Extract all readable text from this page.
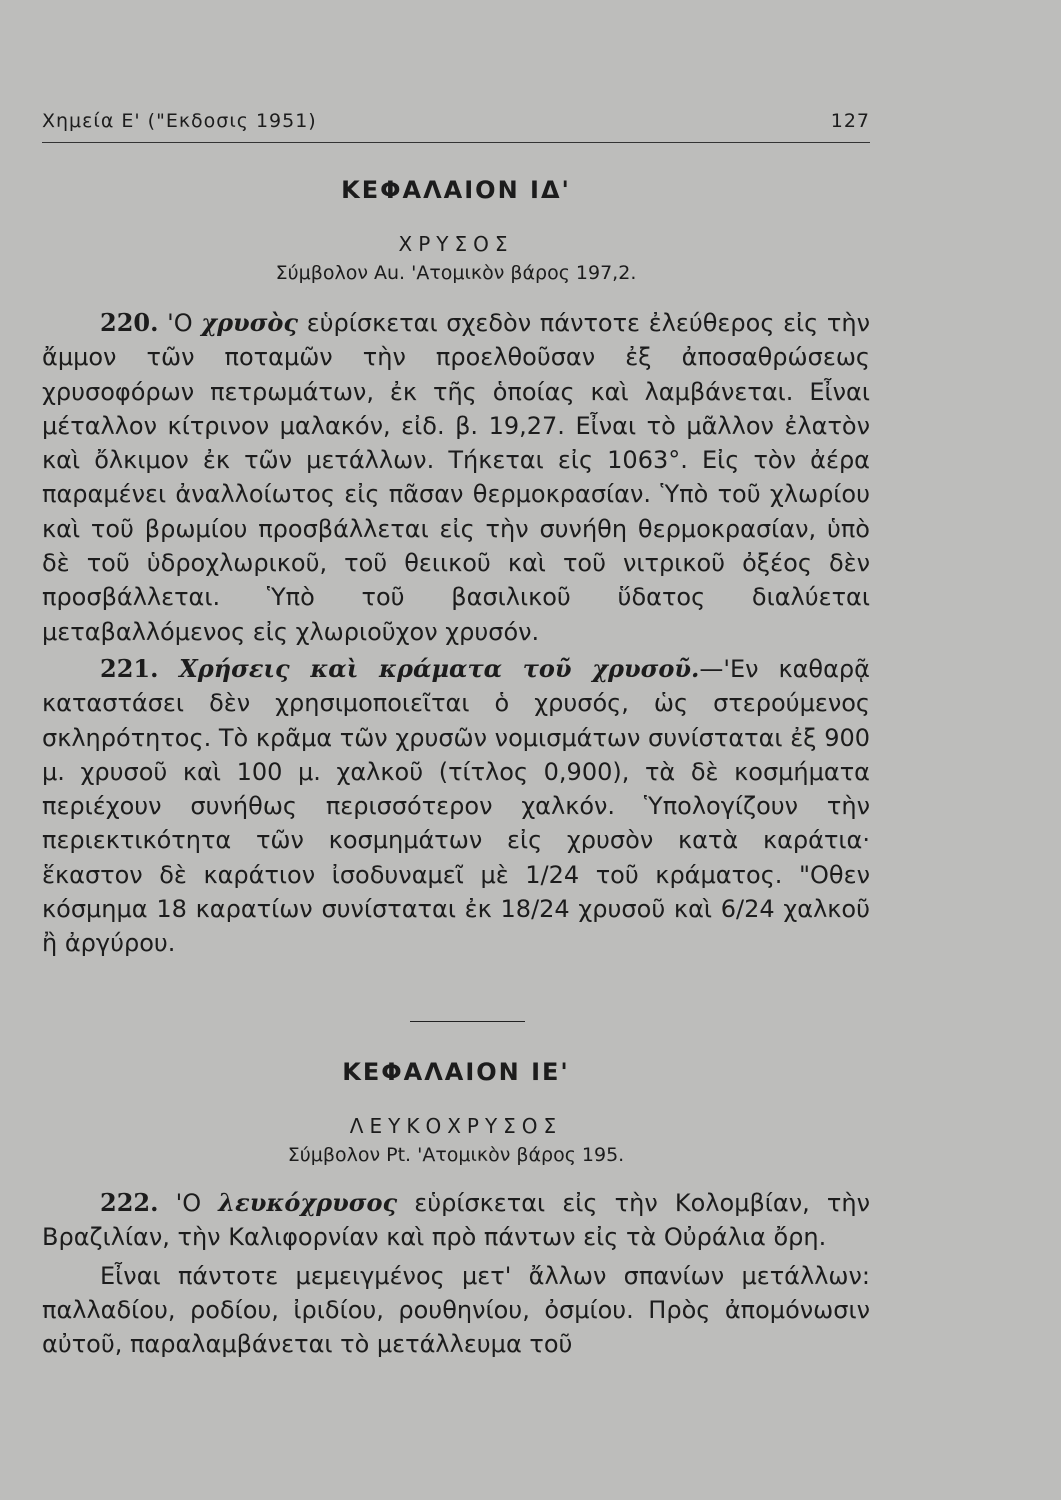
Χημεία Ε' ("Εκδοσις 1951)	127
ΚΕΦΑΛΑΙΟΝ ΙΔ'
ΧΡΥΣΟΣ
Σύμβολον Au. 'Ατομικὸν βάρος 197,2.

220. 'Ο χρυσὸς εὑρίσκεται σχεδὸν πάντοτε ἐλεύθερος εἰς τὴν ἄμμον τῶν ποταμῶν τὴν προελθοῦσαν ἐξ ἀποσαθρώσεως χρυσοφόρων πετρωμάτων, ἐκ τῆς ὁποίας καὶ λαμβάνεται. Εἶναι μέταλλον κίτρινον μαλακόν, εἰδ. β. 19,27. Εἶναι τὸ μᾶλλον ἐλατὸν καὶ ὄλκιμον ἐκ τῶν μετάλλων. Τήκεται εἰς 1063°. Εἰς τὸν ἀέρα παραμένει ἀναλλοίωτος εἰς πᾶσαν θερμοκρασίαν. Ὑπὸ τοῦ χλωρίου καὶ τοῦ βρωμίου προσβάλλεται εἰς τὴν συνήθη θερμοκρασίαν, ὑπὸ δὲ τοῦ ὑδροχλωρικοῦ, τοῦ θειικοῦ καὶ τοῦ νιτρικοῦ ὀξέος δὲν προσβάλλεται. Ὑπὸ τοῦ βασιλικοῦ ὕδατος διαλύεται μεταβαλλόμενος εἰς χλωριοῦχον χρυσόν.

221. Χρήσεις καὶ κράματα τοῦ χρυσοῦ.—'Εν καθαρᾷ καταστάσει δὲν χρησιμοποιεῖται ὁ χρυσός, ὡς στερούμενος σκληρότητος. Τὸ κρᾶμα τῶν χρυσῶν νομισμάτων συνίσταται ἐξ 900 μ. χρυσοῦ καὶ 100 μ. χαλκοῦ (τίτλος 0,900), τὰ δὲ κοσμήματα περιέχουν συνήθως περισσότερον χαλκόν. Ὑπολογίζουν τὴν περιεκτικότητα τῶν κοσμημάτων εἰς χρυσὸν κατὰ καράτια· ἕκαστον δὲ καράτιον ἰσοδυναμεῖ μὲ 1/24 τοῦ κράματος. "Οθεν κόσμημα 18 καρατίων συνίσταται ἐκ 18/24 χρυσοῦ καὶ 6/24 χαλκοῦ ἢ ἀργύρου.

ΚΕΦΑΛΑΙΟΝ ΙΕ'
ΛΕΥΚΟΧΡΥΣΟΣ
Σύμβολον Pt. 'Ατομικὸν βάρος 195.

222. 'Ο λευκόχρυσος εὑρίσκεται εἰς τὴν Κολομβίαν, τὴν Βραζιλίαν, τὴν Καλιφορνίαν καὶ πρὸ πάντων εἰς τὰ Οὐράλια ὄρη.

Εἶναι πάντοτε μεμειγμένος μετ' ἄλλων σπανίων μετάλλων: παλλαδίου, ροδίου, ἰριδίου, ρουθηνίου, ὀσμίου. Πρὸς ἀπομόνωσιν αὐτοῦ, παραλαμβάνεται τὸ μετάλλευμα τοῦ
